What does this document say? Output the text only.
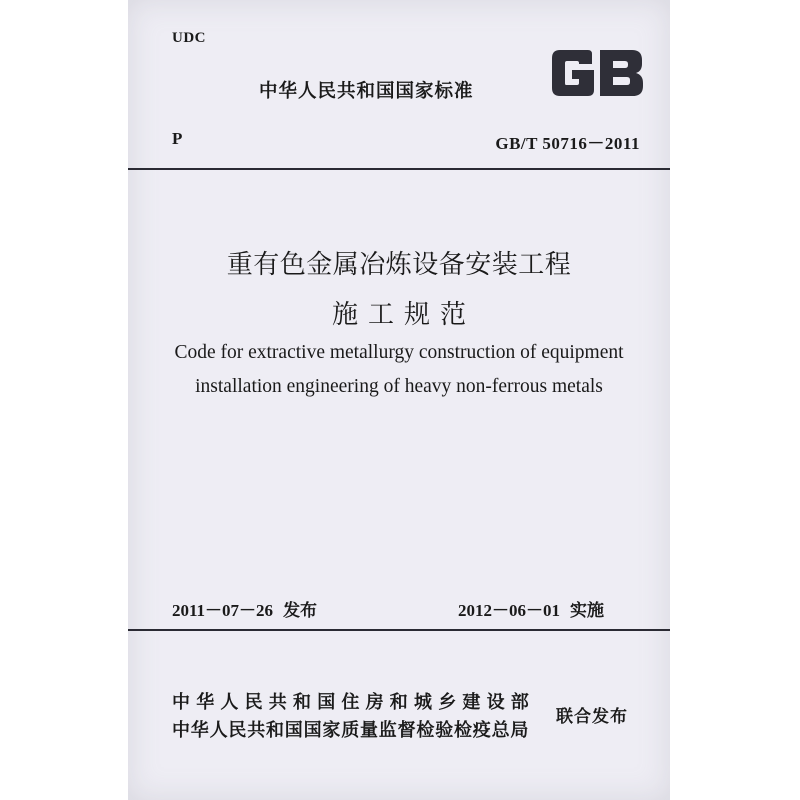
UDC
中华人民共和国国家标准
P	GB/T 50716－2011
重有色金属冶炼设备安装工程
施工规范
Code for extractive metallurgy construction of equipment
installation engineering of heavy non-ferrous metals
2011－07－26 发布	2012－06－01 实施
中华人民共和国住房和城乡建设部
中华人民共和国国家质量监督检验检疫总局
联合发布
